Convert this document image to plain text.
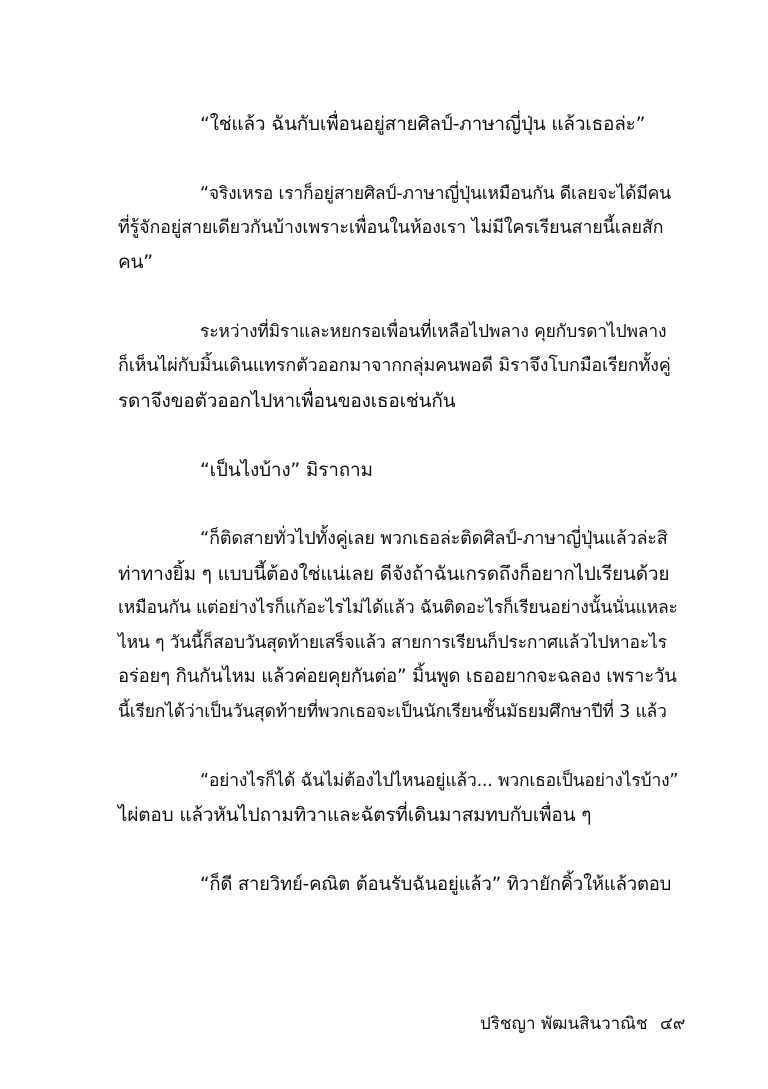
“ใช่แล้ว ฉันกับเพื่อนอยู่สายศิลป์-ภาษาญี่ปุ่น แล้วเธอล่ะ”
“จริงเหรอ เราก็อยู่สายศิลป์-ภาษาญี่ปุ่นเหมือนกัน ดีเลยจะได้มีคน
ที่รู้จักอยู่สายเดียวกันบ้างเพราะเพื่อนในห้องเรา ไม่มีใครเรียนสายนี้เลยสัก
คน”
ระหว่างที่มิราและหยกรอเพื่อนที่เหลือไปพลาง คุยกับรดาไปพลาง
ก็เห็นไผ่กับมิ้นเดินแทรกตัวออกมาจากกลุ่มคนพอดี มิราจึงโบกมือเรียกทั้งคู่
รดาจึงขอตัวออกไปหาเพื่อนของเธอเช่นกัน
“เป็นไงบ้าง” มิราถาม
“ก็ติดสายทั่วไปทั้งคู่เลย พวกเธอล่ะติดศิลป์-ภาษาญี่ปุ่นแล้วล่ะสิ
ท่าทางยิ้ม ๆ แบบนี้ต้องใช่แน่เลย ดีจังถ้าฉันเกรดถึงก็อยากไปเรียนด้วย
เหมือนกัน แต่อย่างไรก็แก้อะไรไม่ได้แล้ว ฉันติดอะไรก็เรียนอย่างนั้นนั่นแหละ
ไหน ๆ วันนี้ก็สอบวันสุดท้ายเสร็จแล้ว สายการเรียนก็ประกาศแล้วไปหาอะไร
อร่อยๆ กินกันไหม แล้วค่อยคุยกันต่อ” มิ้นพูด เธออยากจะฉลอง เพราะวัน
นี้เรียกได้ว่าเป็นวันสุดท้ายที่พวกเธอจะเป็นนักเรียนชั้นมัธยมศึกษาปีที่ 3 แล้ว
“อย่างไรก็ได้ ฉันไม่ต้องไปไหนอยู่แล้ว... พวกเธอเป็นอย่างไรบ้าง”
ไผ่ตอบ แล้วหันไปถามทิวาและฉัตรที่เดินมาสมทบกับเพื่อน ๆ
“ก็ดี สายวิทย์-คณิต ต้อนรับฉันอยู่แล้ว” ทิวายักคิ้วให้แล้วตอบ
ปริชญา พัฒนสินวาณิช ๔๙
